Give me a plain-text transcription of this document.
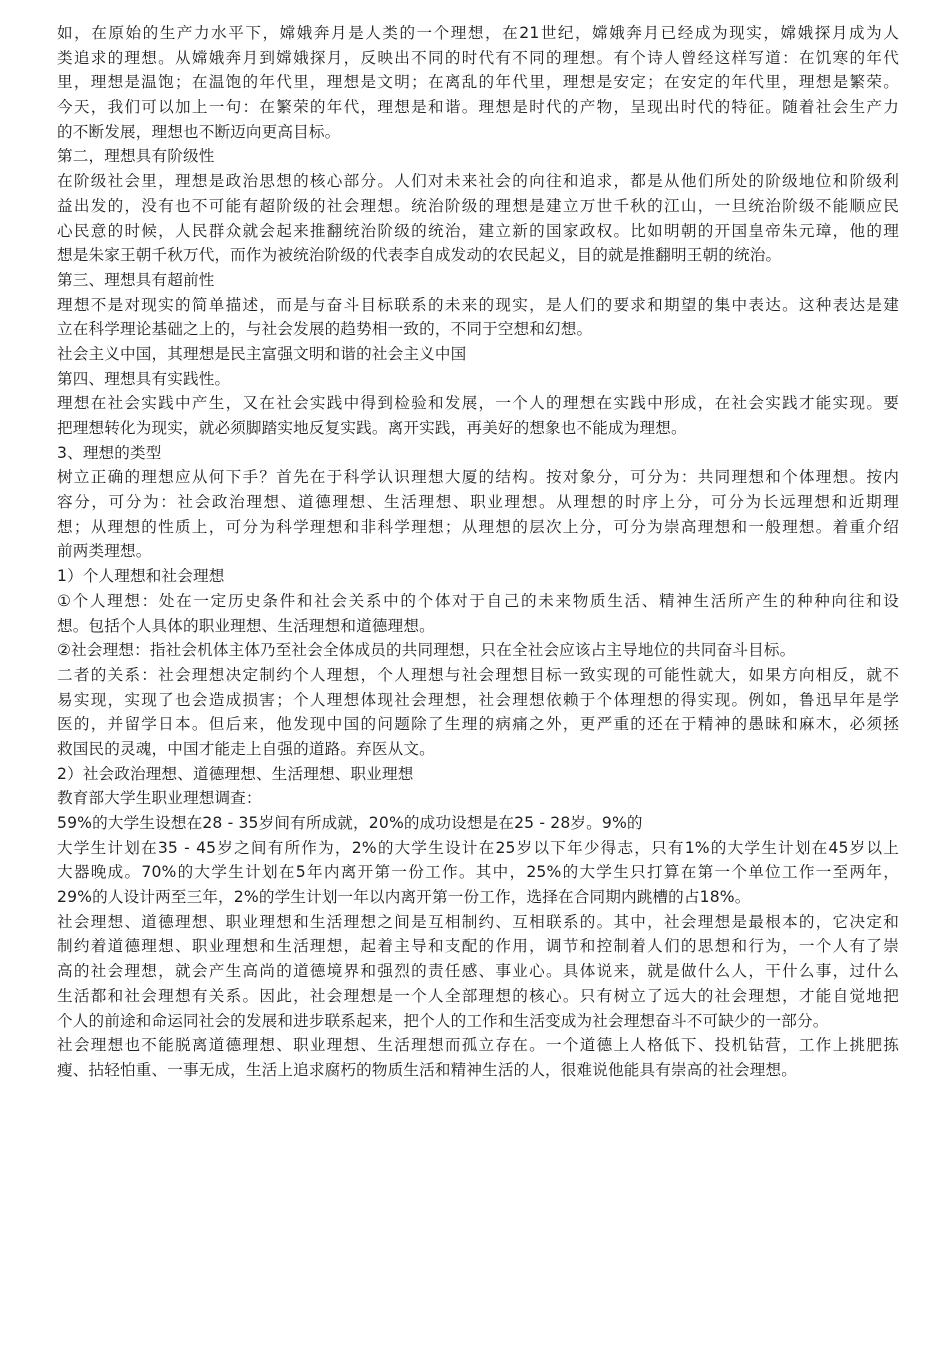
如，在原始的生产力水平下，嫦娥奔月是人类的一个理想，在21世纪，嫦娥奔月已经成为现实，嫦娥探月成为人
类追求的理想。从嫦娥奔月到嫦娥探月，反映出不同的时代有不同的理想。有个诗人曾经这样写道：在饥寒的年代
里，理想是温饱；在温饱的年代里，理想是文明；在离乱的年代里，理想是安定；在安定的年代里，理想是繁荣。
今天，我们可以加上一句：在繁荣的年代，理想是和谐。理想是时代的产物，呈现出时代的特征。随着社会生产力
的不断发展，理想也不断迈向更高目标。
第二，理想具有阶级性
在阶级社会里，理想是政治思想的核心部分。人们对未来社会的向往和追求，都是从他们所处的阶级地位和阶级利
益出发的，没有也不可能有超阶级的社会理想。统治阶级的理想是建立万世千秋的江山，一旦统治阶级不能顺应民
心民意的时候，人民群众就会起来推翻统治阶级的统治，建立新的国家政权。比如明朝的开国皇帝朱元璋，他的理
想是朱家王朝千秋万代，而作为被统治阶级的代表李自成发动的农民起义，目的就是推翻明王朝的统治。
第三、理想具有超前性
理想不是对现实的简单描述，而是与奋斗目标联系的未来的现实，是人们的要求和期望的集中表达。这种表达是建
立在科学理论基础之上的，与社会发展的趋势相一致的，不同于空想和幻想。
社会主义中国，其理想是民主富强文明和谐的社会主义中国
第四、理想具有实践性。
理想在社会实践中产生，又在社会实践中得到检验和发展，一个人的理想在实践中形成，在社会实践才能实现。要
把理想转化为现实，就必须脚踏实地反复实践。离开实践，再美好的想象也不能成为理想。
3、理想的类型
树立正确的理想应从何下手？首先在于科学认识理想大厦的结构。按对象分，可分为：共同理想和个体理想。按内
容分，可分为：社会政治理想、道德理想、生活理想、职业理想。从理想的时序上分，可分为长远理想和近期理
想；从理想的性质上，可分为科学理想和非科学理想；从理想的层次上分，可分为崇高理想和一般理想。着重介绍
前两类理想。
1）个人理想和社会理想
①个人理想：处在一定历史条件和社会关系中的个体对于自己的未来物质生活、精神生活所产生的种种向往和设
想。包括个人具体的职业理想、生活理想和道德理想。
②社会理想：指社会机体主体乃至社会全体成员的共同理想，只在全社会应该占主导地位的共同奋斗目标。
二者的关系：社会理想决定制约个人理想，个人理想与社会理想目标一致实现的可能性就大，如果方向相反，就不
易实现，实现了也会造成损害；个人理想体现社会理想，社会理想依赖于个体理想的得实现。例如，鲁迅早年是学
医的，并留学日本。但后来，他发现中国的问题除了生理的病痛之外，更严重的还在于精神的愚昧和麻木，必须拯
救国民的灵魂，中国才能走上自强的道路。弃医从文。
2）社会政治理想、道德理想、生活理想、职业理想
教育部大学生职业理想调查：
59%的大学生设想在28 - 35岁间有所成就，20%的成功设想是在25 - 28岁。9%的
大学生计划在35 - 45岁之间有所作为，2%的大学生设计在25岁以下年少得志，只有1%的大学生计划在45岁以上
大器晚成。70%的大学生计划在5年内离开第一份工作。其中，25%的大学生只打算在第一个单位工作一至两年，
29%的人设计两至三年，2%的学生计划一年以内离开第一份工作，选择在合同期内跳槽的占18%。
社会理想、道德理想、职业理想和生活理想之间是互相制约、互相联系的。其中，社会理想是最根本的，它决定和
制约着道德理想、职业理想和生活理想，起着主导和支配的作用，调节和控制着人们的思想和行为，一个人有了崇
高的社会理想，就会产生高尚的道德境界和强烈的责任感、事业心。具体说来，就是做什么人，干什么事，过什么
生活都和社会理想有关系。因此，社会理想是一个人全部理想的核心。只有树立了远大的社会理想，才能自觉地把
个人的前途和命运同社会的发展和进步联系起来，把个人的工作和生活变成为社会理想奋斗不可缺少的一部分。
社会理想也不能脱离道德理想、职业理想、生活理想而孤立存在。一个道德上人格低下、投机钻营，工作上挑肥拣
瘦、拈轻怕重、一事无成，生活上追求腐朽的物质生活和精神生活的人，很难说他能具有崇高的社会理想。
